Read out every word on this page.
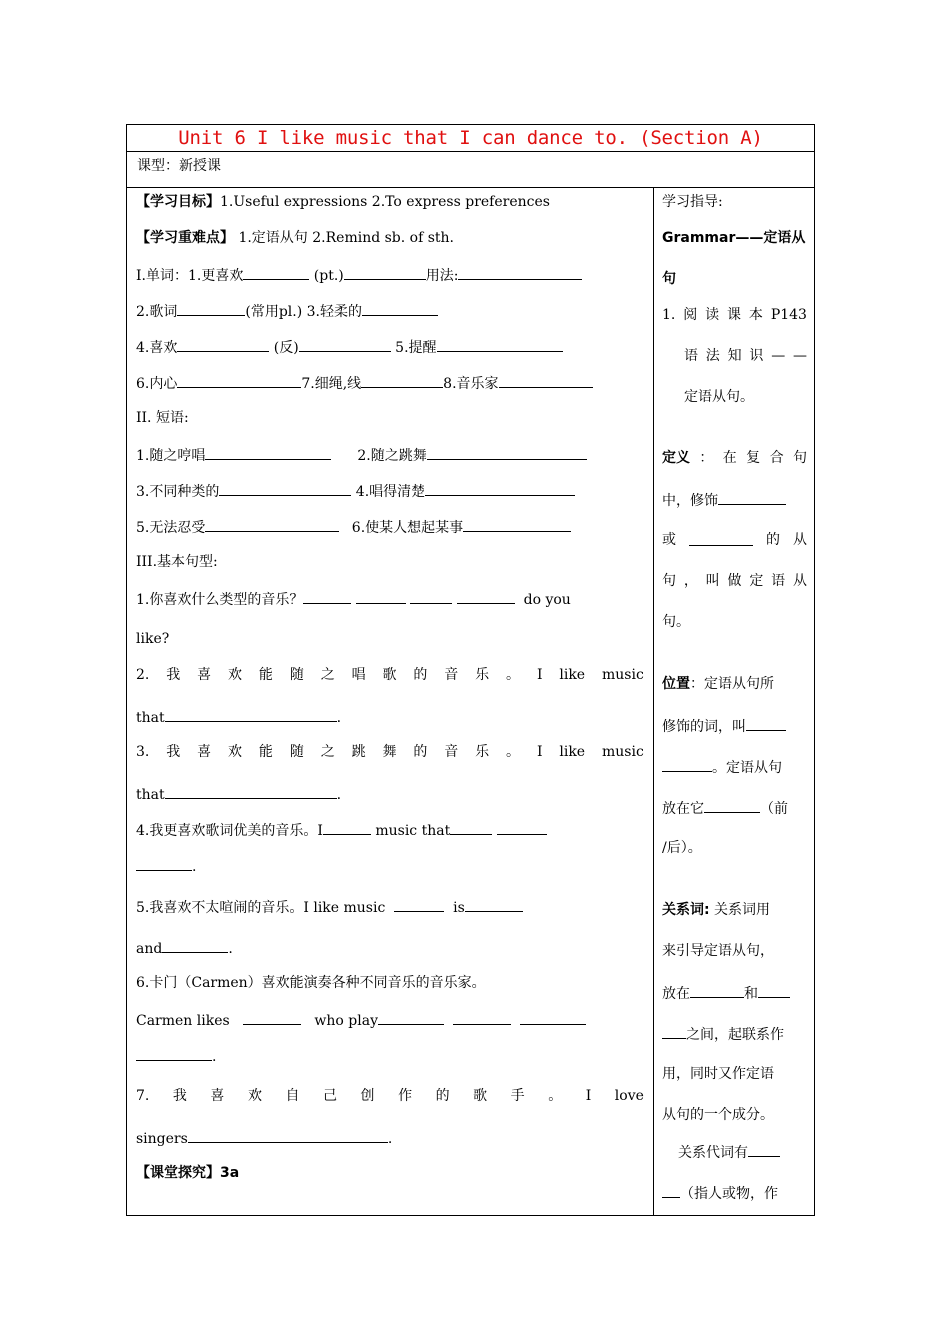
Unit 6 I like music that I can dance to. (Section A)
课型：新授课
【学习目标】1.Useful expressions 2.To express preferences
【学习重难点】 1.定语从句 2.Remind sb. of sth.
I.单词：1.更喜欢	(pt.)	用法:
2.歌词	(常用pl.) 3.轻柔的
4.喜欢	(反)	5.提醒
6.内心	7.细绳,线	8.音乐家
II. 短语:
1.随之哼唱	2.随之跳舞
3.不同种类的	4.唱得清楚
5.无法忍受	6.使某人想起某事
III.基本句型:
1.你喜欢什么类型的音乐？	do you
like?
2. 我 喜 欢 能 随 之 唱 歌 的 音 乐 。 I like music
that	.
3. 我 喜 欢 能 随 之 跳 舞 的 音 乐 。 I like music
that	.
4.我更喜欢歌词优美的音乐。I	music that
.
5.我喜欢不太喧闹的音乐。I like music	is
and	.
6.卡门（Carmen）喜欢能演奏各种不同音乐的音乐家。
Carmen likes	who play
.
7. 我 喜 欢 自 己 创 作 的 歌 手 。 I love
singers	.
【课堂探究】3a
学习指导:
Grammar——定语从
句
1. 阅 读 课 本 P143
语 法 知 识 — —
定语从句。
定义 ： 在 复 合 句
中，修饰
或	的 从
句 ， 叫 做 定 语 从
句。
位置：定语从句所
修饰的词，叫
。定语从句
放在它	（前
/后）。
关系词: 关系词用
来引导定语从句，
放在	和
之间，起联系作
用，同时又作定语
从句的一个成分。
关系代词有
（指人或物，作
